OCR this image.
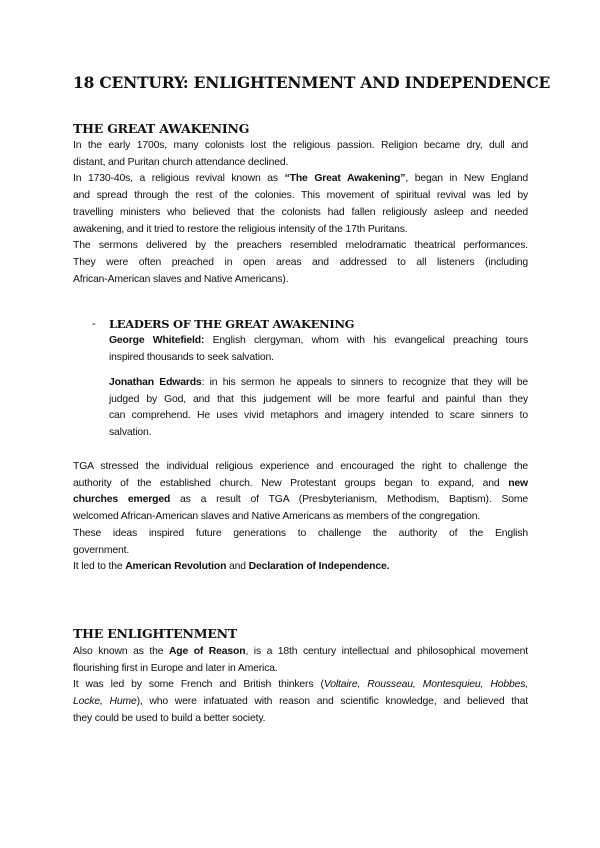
18 CENTURY: ENLIGHTENMENT AND INDEPENDENCE
THE GREAT AWAKENING
In the early 1700s, many colonists lost the religious passion. Religion became dry, dull and
distant, and Puritan church attendance declined.
In 1730-40s, a religious revival known as “The Great Awakening”, began in New England
and spread through the rest of the colonies. This movement of spiritual revival was led by
travelling ministers who believed that the colonists had fallen religiously asleep and needed
awakening, and it tried to restore the religious intensity of the 17th Puritans.
The sermons delivered by the preachers resembled melodramatic theatrical performances.
They were often preached in open areas and addressed to all listeners (including
African-American slaves and Native Americans).
- LEADERS OF THE GREAT AWAKENING
George Whitefield: English clergyman, whom with his evangelical preaching tours
inspired thousands to seek salvation.
Jonathan Edwards: in his sermon he appeals to sinners to recognize that they will be
judged by God, and that this judgement will be more fearful and painful than they
can comprehend. He uses vivid metaphors and imagery intended to scare sinners to
salvation.
TGA stressed the individual religious experience and encouraged the right to challenge the
authority of the established church. New Protestant groups began to expand, and new
churches emerged as a result of TGA (Presbyterianism, Methodism, Baptism). Some
welcomed African-American slaves and Native Americans as members of the congregation.
These ideas inspired future generations to challenge the authority of the English
government.
It led to the American Revolution and Declaration of Independence.
THE ENLIGHTENMENT
Also known as the Age of Reason, is a 18th century intellectual and philosophical movement
flourishing first in Europe and later in America.
It was led by some French and British thinkers (Voltaire, Rousseau, Montesquieu, Hobbes,
Locke, Hume), who were infatuated with reason and scientific knowledge, and believed that
they could be used to build a better society.
